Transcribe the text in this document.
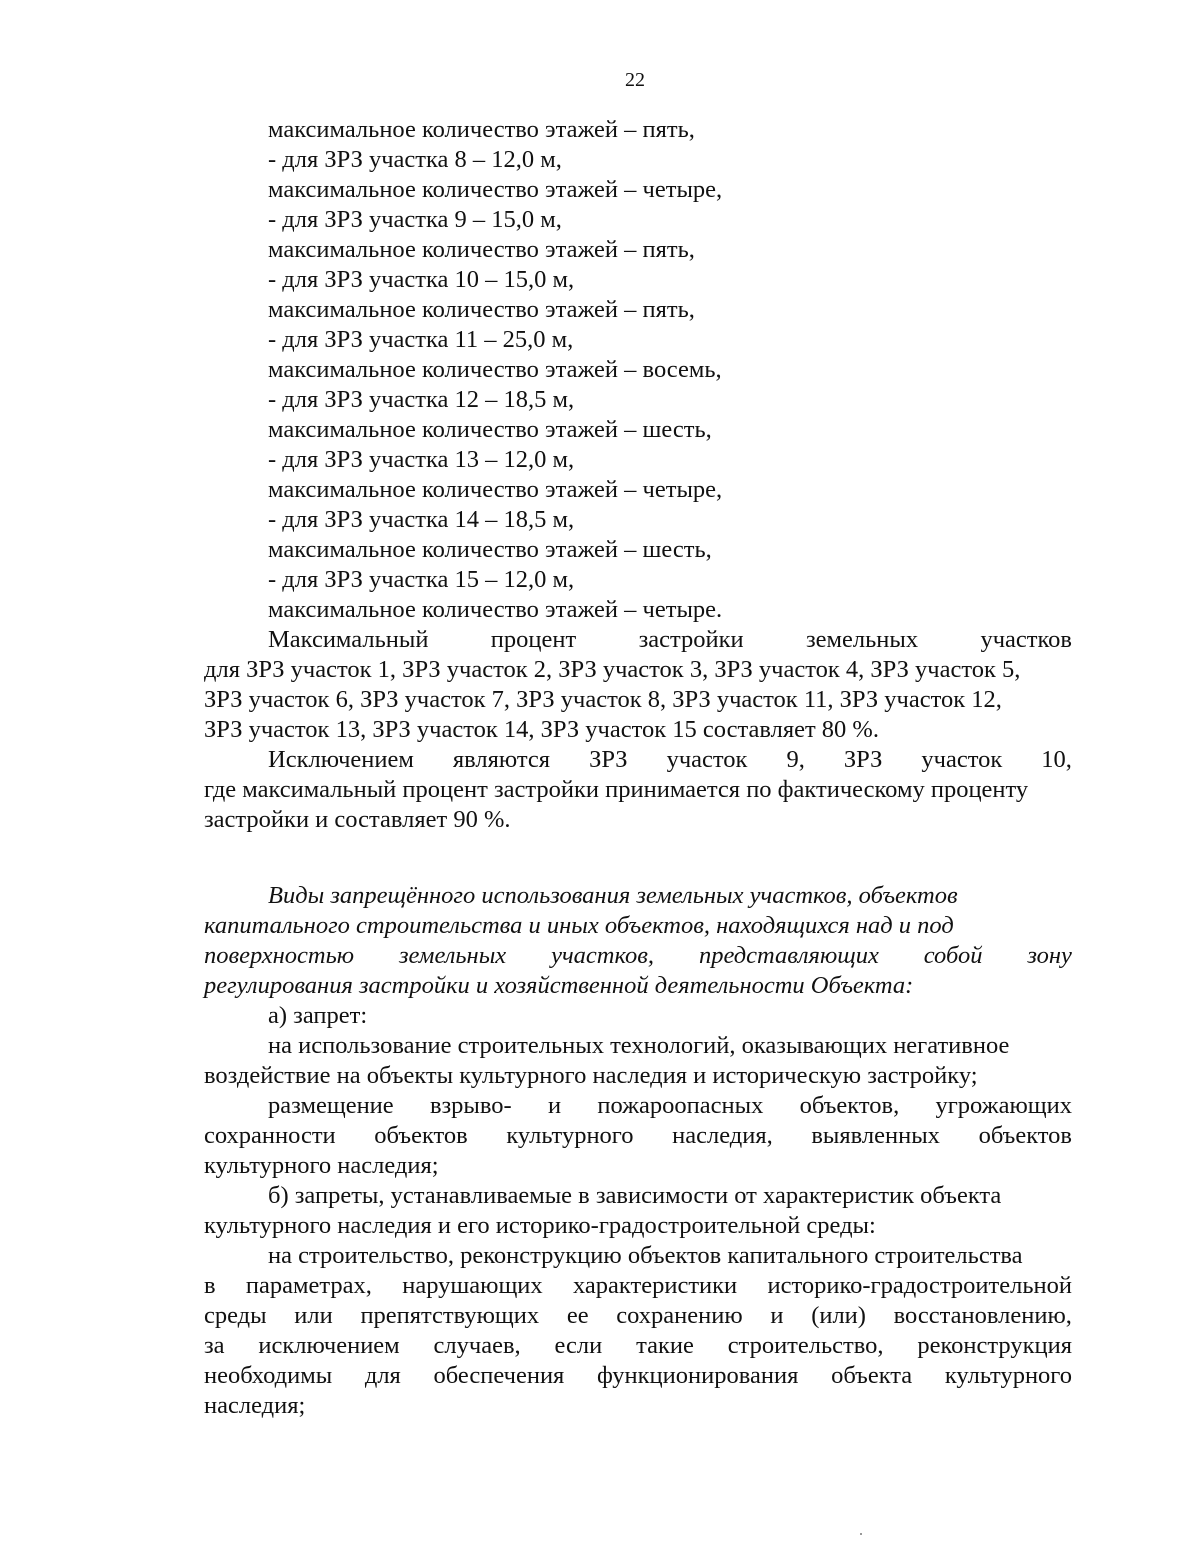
22
максимальное количество этажей – пять,
- для ЗРЗ участка 8 – 12,0 м,
максимальное количество этажей – четыре,
- для ЗРЗ участка 9 – 15,0 м,
максимальное количество этажей – пять,
- для ЗРЗ участка 10 – 15,0 м,
максимальное количество этажей – пять,
- для ЗРЗ участка 11 – 25,0 м,
максимальное количество этажей – восемь,
- для ЗРЗ участка 12 – 18,5 м,
максимальное количество этажей – шесть,
- для ЗРЗ участка 13 – 12,0 м,
максимальное количество этажей – четыре,
- для ЗРЗ участка 14 – 18,5 м,
максимальное количество этажей – шесть,
- для ЗРЗ участка 15 – 12,0 м,
максимальное количество этажей – четыре.
Максимальный	процент	застройки	земельных	участков
для ЗРЗ участок 1, ЗРЗ участок 2, ЗРЗ участок 3, ЗРЗ участок 4, ЗРЗ участок 5,
ЗРЗ участок 6, ЗРЗ участок 7, ЗРЗ участок 8, ЗРЗ участок 11, ЗРЗ участок 12,
ЗРЗ участок 13, ЗРЗ участок 14, ЗРЗ участок 15 составляет 80 %.
Исключением являются ЗРЗ участок 9, ЗРЗ участок 10,
где максимальный процент застройки принимается по фактическому проценту
застройки и составляет 90 %.
Виды запрещённого использования земельных участков, объектов
капитального строительства и иных объектов, находящихся над и под
поверхностью земельных участков, представляющих собой зону
регулирования застройки и хозяйственной деятельности Объекта:
а) запрет:
на использование строительных технологий, оказывающих негативное
воздействие на объекты культурного наследия и историческую застройку;
размещение взрыво- и пожароопасных объектов, угрожающих
сохранности объектов культурного наследия, выявленных объектов
культурного наследия;
б) запреты, устанавливаемые в зависимости от характеристик объекта
культурного наследия и его историко-градостроительной среды:
на строительство, реконструкцию объектов капитального строительства
в параметрах, нарушающих характеристики историко-градостроительной
среды или препятствующих ее сохранению и (или) восстановлению,
за исключением случаев, если такие строительство, реконструкция
необходимы для обеспечения функционирования объекта культурного
наследия;
